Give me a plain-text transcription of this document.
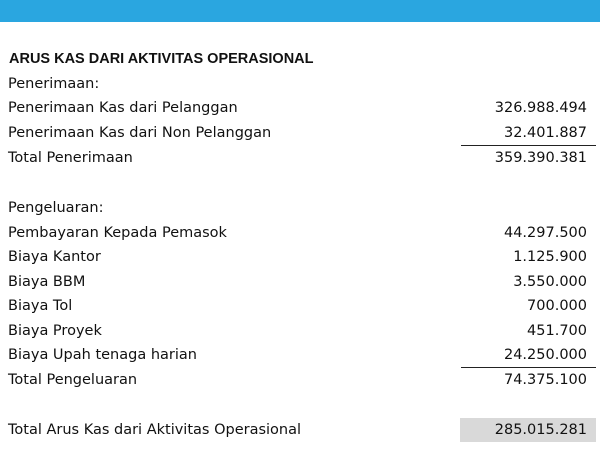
ARUS KAS DARI AKTIVITAS OPERASIONAL
Penerimaan:
Penerimaan Kas dari Pelanggan	326.988.494
Penerimaan Kas dari Non Pelanggan	32.401.887
Total Penerimaan	359.390.381
Pengeluaran:
Pembayaran Kepada Pemasok	44.297.500
Biaya Kantor	1.125.900
Biaya BBM	3.550.000
Biaya Tol	700.000
Biaya Proyek	451.700
Biaya Upah tenaga harian	24.250.000
Total Pengeluaran	74.375.100
Total Arus Kas dari Aktivitas Operasional	285.015.281
